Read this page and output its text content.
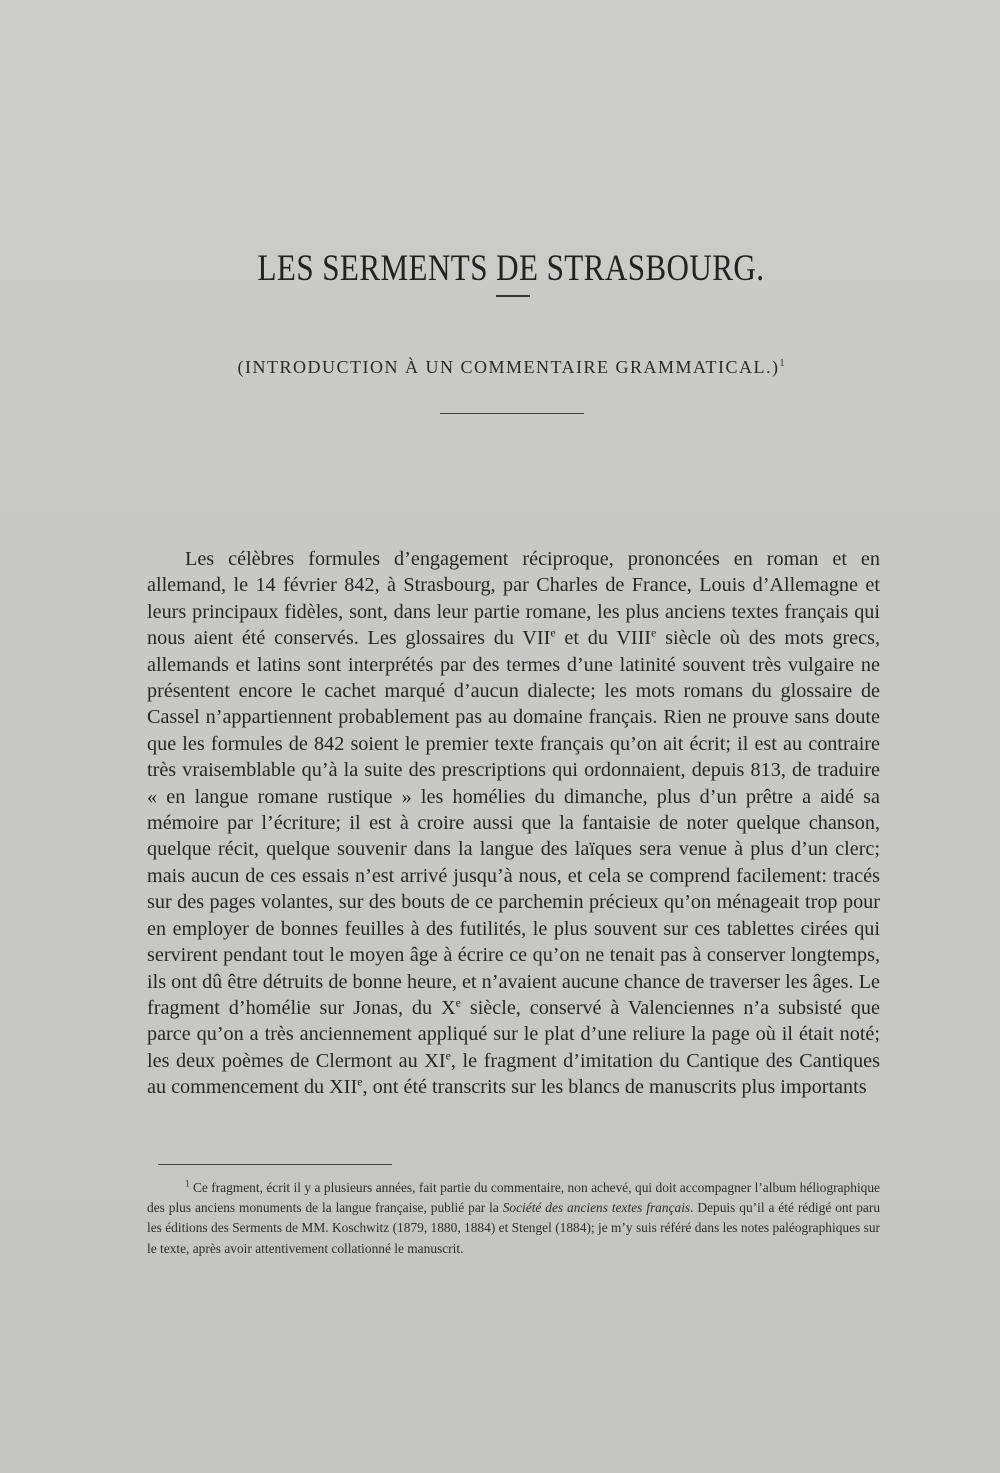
LES SERMENTS DE STRASBOURG.
(INTRODUCTION À UN COMMENTAIRE GRAMMATICAL.)$^1$

Les célèbres formules d’engagement réciproque, prononcées en roman et en allemand, le 14 février 842, à Strasbourg, par Charles de France, Louis d’Allemagne et leurs principaux fidèles, sont, dans leur partie romane, les plus anciens textes français qui nous aient été conservés. Les glossaires du VIIe et du VIIIe siècle où des mots grecs, allemands et latins sont interprétés par des termes d’une latinité souvent très vulgaire ne présentent encore le cachet marqué d’aucun dialecte; les mots romans du glossaire de Cassel n’appartiennent probablement pas au domaine français. Rien ne prouve sans doute que les formules de 842 soient le premier texte français qu’on ait écrit; il est au contraire très vraisemblable qu’à la suite des prescriptions qui ordonnaient, depuis 813, de traduire « en langue romane rustique » les homélies du dimanche, plus d’un prêtre a aidé sa mémoire par l’écriture; il est à croire aussi que la fantaisie de noter quelque chanson, quelque récit, quelque souvenir dans la langue des laïques sera venue à plus d’un clerc; mais aucun de ces essais n’est arrivé jusqu’à nous, et cela se comprend facilement: tracés sur des pages volantes, sur des bouts de ce parchemin précieux qu’on ménageait trop pour en employer de bonnes feuilles à des futilités, le plus souvent sur ces tablettes cirées qui servirent pendant tout le moyen âge à écrire ce qu’on ne tenait pas à conserver longtemps, ils ont dû être détruits de bonne heure, et n’avaient aucune chance de traverser les âges. Le fragment d’homélie sur Jonas, du Xe siècle, conservé à Valenciennes n’a subsisté que parce qu’on a très anciennement appliqué sur le plat d’une reliure la page où il était noté; les deux poèmes de Clermont au XIe, le fragment d’imitation du Cantique des Cantiques au commencement du XIIe, ont été transcrits sur les blancs de manuscrits plus importants

$^1$ Ce fragment, écrit il y a plusieurs années, fait partie du commentaire, non achevé, qui doit accompagner l’album héliographique des plus anciens monuments de la langue française, publié par la Société des anciens textes français. Depuis qu’il a été rédigé ont paru les éditions des Serments de MM. Koschwitz (1879, 1880, 1884) et Stengel (1884); je m’y suis référé dans les notes paléographiques sur le texte, après avoir attentivement collationné le manuscrit.
